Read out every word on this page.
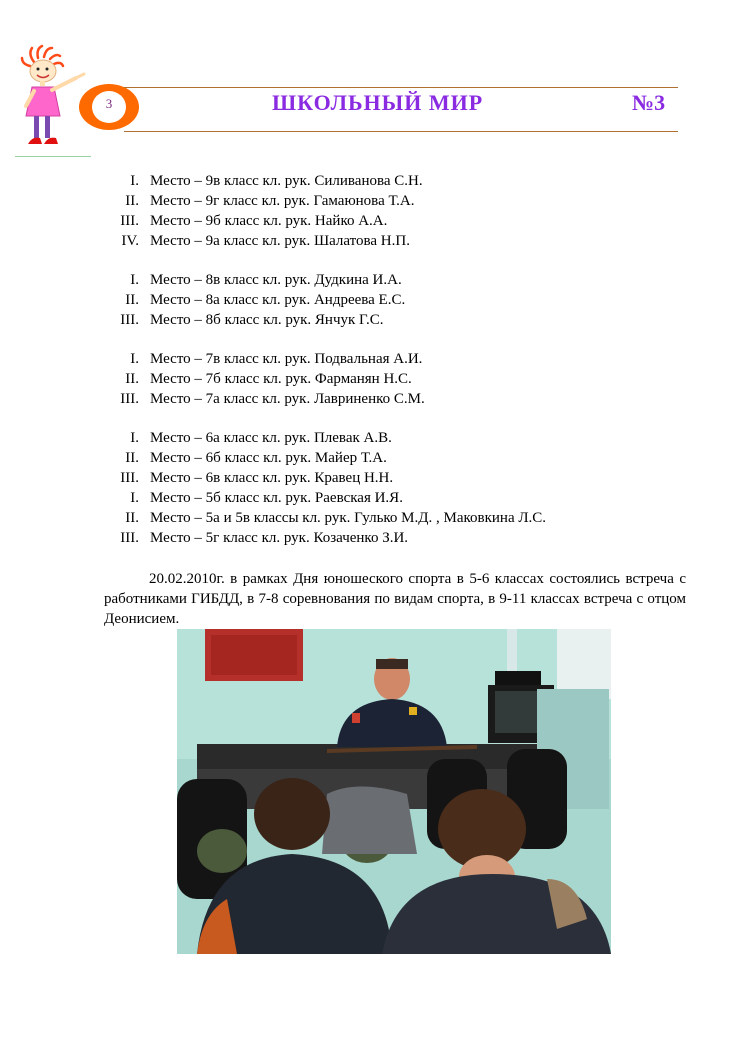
3	ШКОЛЬНЫЙ МИР	№3
I. Место – 9в класс кл. рук. Силиванова С.Н.
II. Место – 9г класс кл. рук. Гамаюнова Т.А.
III. Место – 9б класс кл. рук. Найко А.А.
IV. Место – 9а класс кл. рук. Шалатова Н.П.
I. Место – 8в класс кл. рук. Дудкина И.А.
II. Место – 8а класс кл. рук. Андреева Е.С.
III. Место – 8б класс кл. рук. Янчук Г.С.
I. Место – 7в класс кл. рук. Подвальная А.И.
II. Место – 7б класс кл. рук. Фарманян Н.С.
III. Место – 7а класс кл. рук. Лавриненко С.М.
I. Место – 6а класс кл. рук. Плевак А.В.
II. Место – 6б класс кл. рук. Майер Т.А.
III. Место – 6в класс кл. рук. Кравец Н.Н.
I. Место – 5б класс кл. рук. Раевская И.Я.
II. Место – 5а и 5в классы кл. рук. Гулько М.Д. , Маковкина Л.С.
III. Место – 5г класс кл. рук. Козаченко З.И.
20.02.2010г. в рамках Дня юношеского спорта в 5-6 классах состоялись встреча с работниками ГИБДД, в 7-8 соревнования по видам спорта, в 9-11 классах встреча с отцом Деонисием.
